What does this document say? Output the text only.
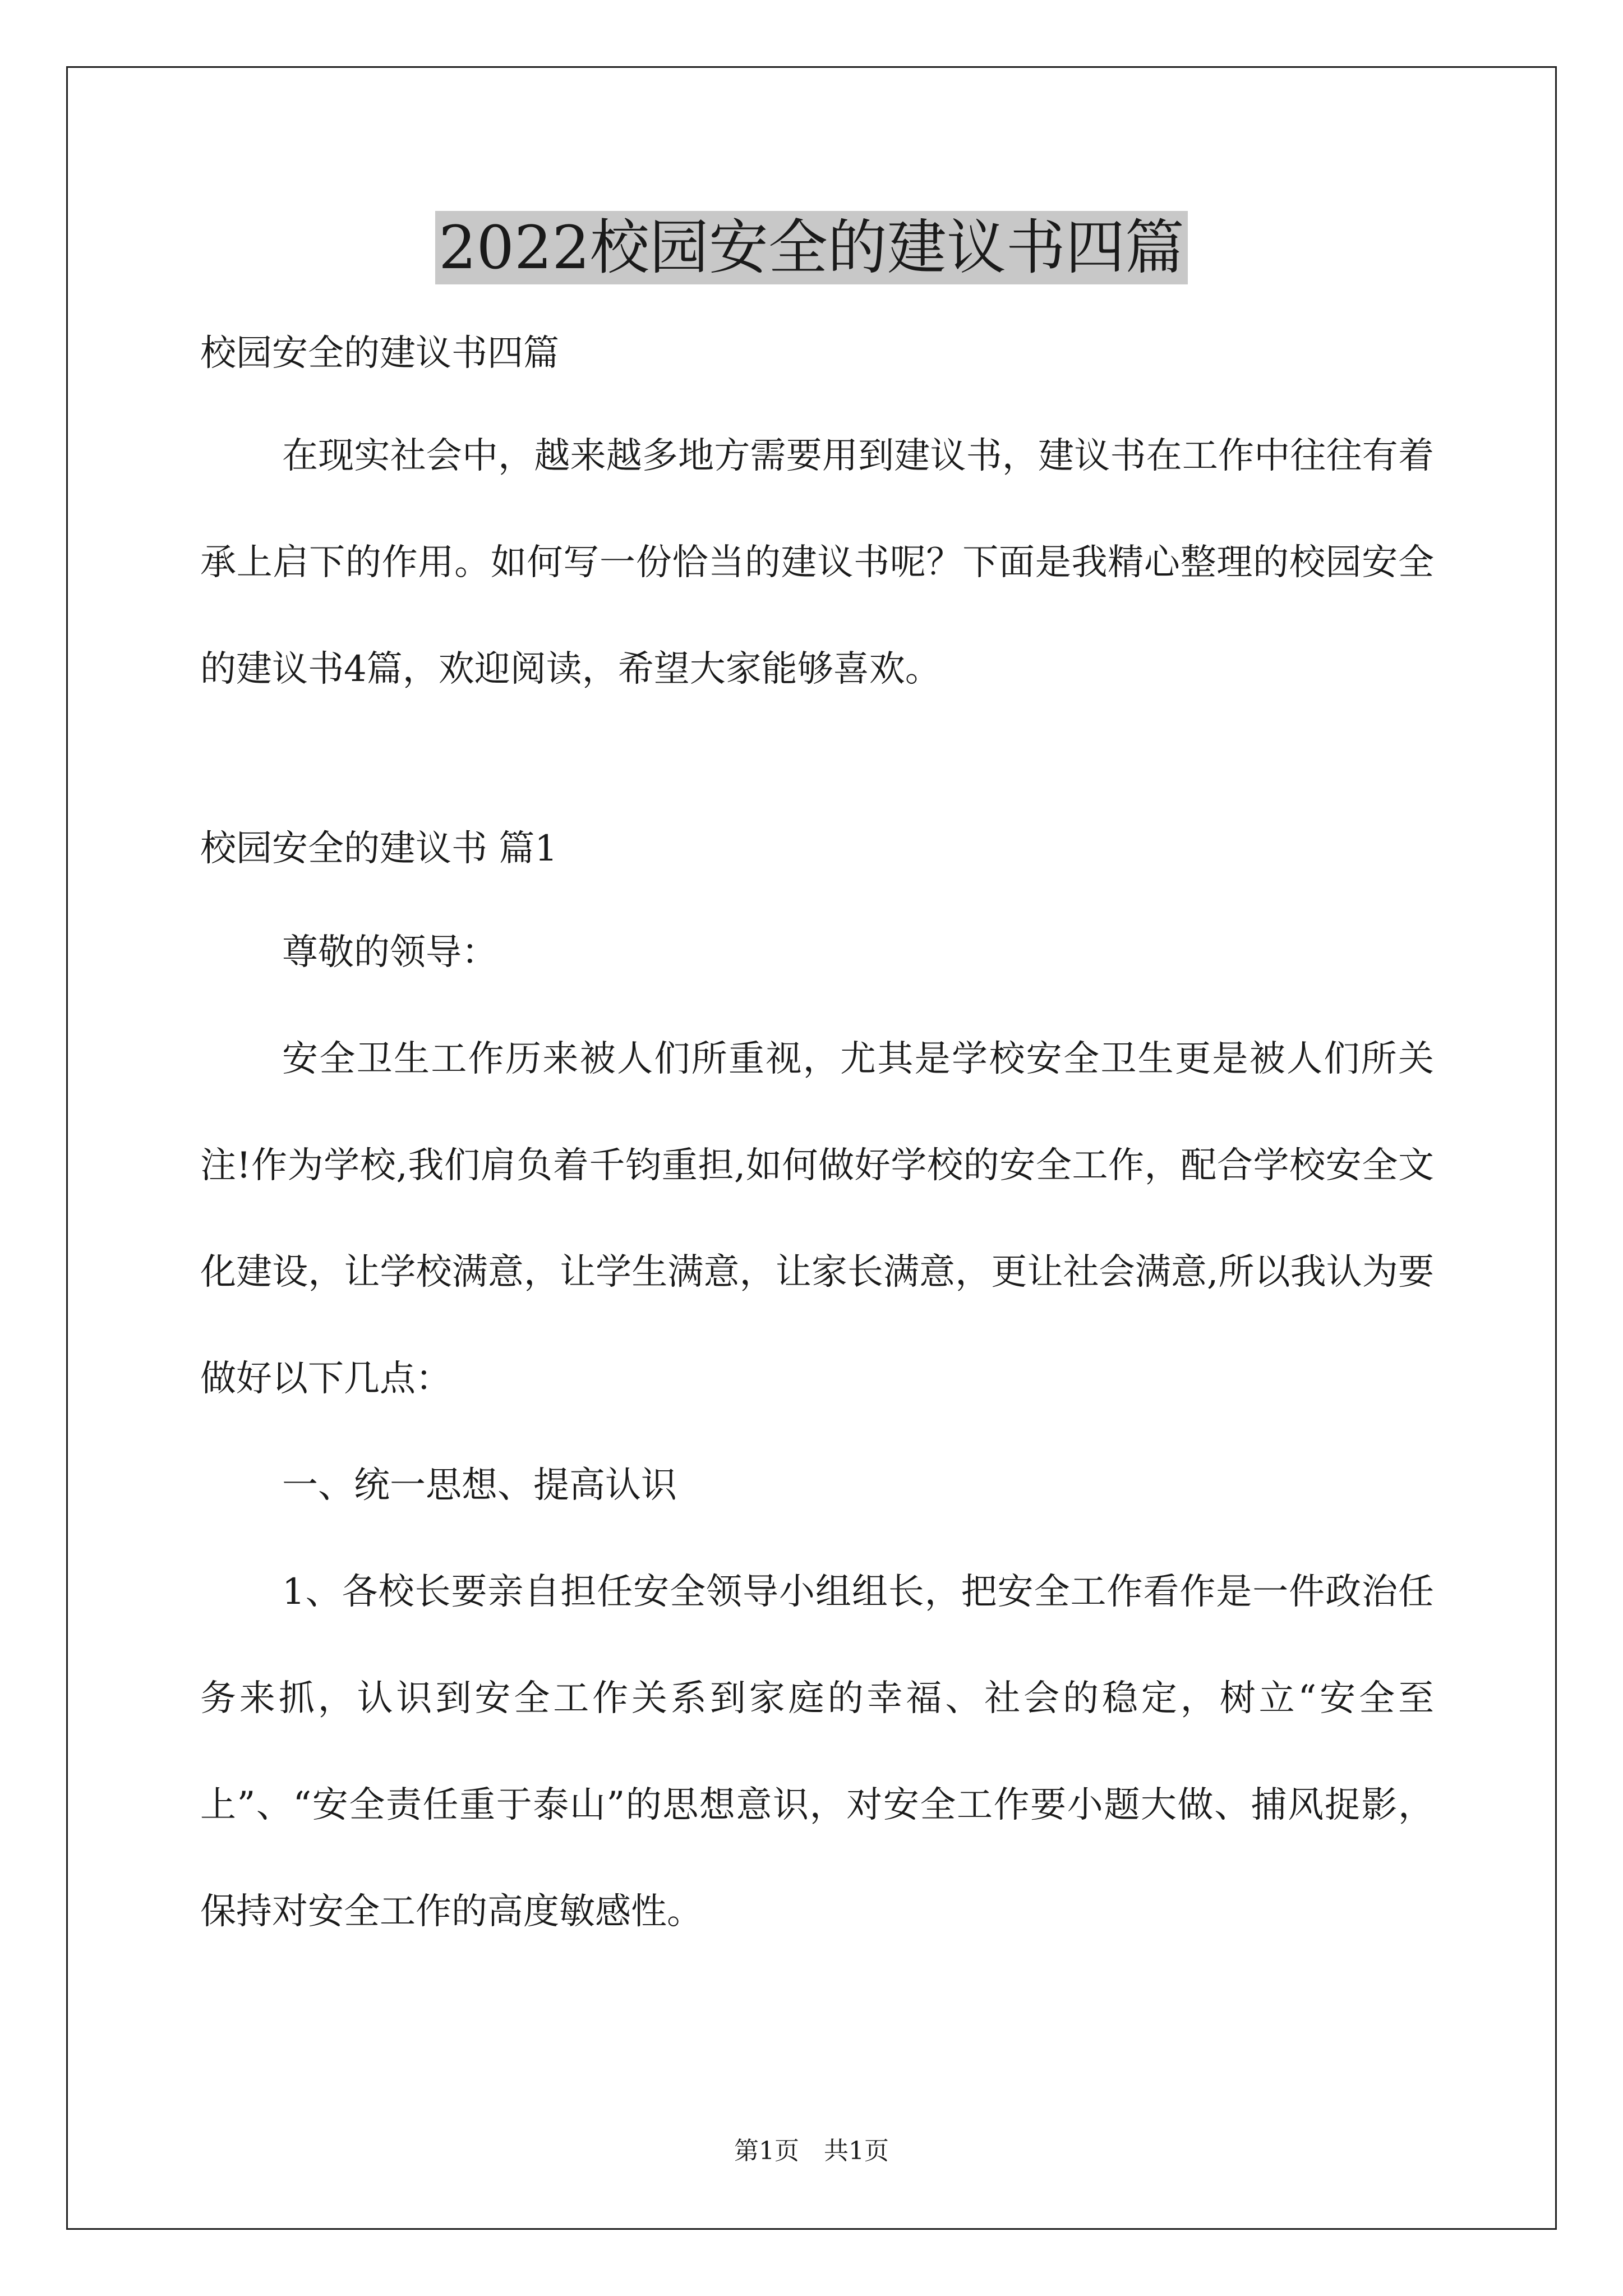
2022校园安全的建议书四篇

校园安全的建议书四篇

在现实社会中，越来越多地方需要用到建议书，建议书在工作中往往有着承上启下的作用。如何写一份恰当的建议书呢？下面是我精心整理的校园安全的建议书4篇，欢迎阅读，希望大家能够喜欢。

校园安全的建议书 篇1

尊敬的领导：

安全卫生工作历来被人们所重视，尤其是学校安全卫生更是被人们所关注!作为学校,我们肩负着千钧重担,如何做好学校的安全工作，配合学校安全文化建设，让学校满意，让学生满意，让家长满意，更让社会满意,所以我认为要做好以下几点：

一、统一思想、提高认识

1、各校长要亲自担任安全领导小组组长，把安全工作看作是一件政治任务来抓，认识到安全工作关系到家庭的幸福、社会的稳定，树立“安全至上”、“安全责任重于泰山”的思想意识，对安全工作要小题大做、捕风捉影，保持对安全工作的高度敏感性。

第1页　共1页
